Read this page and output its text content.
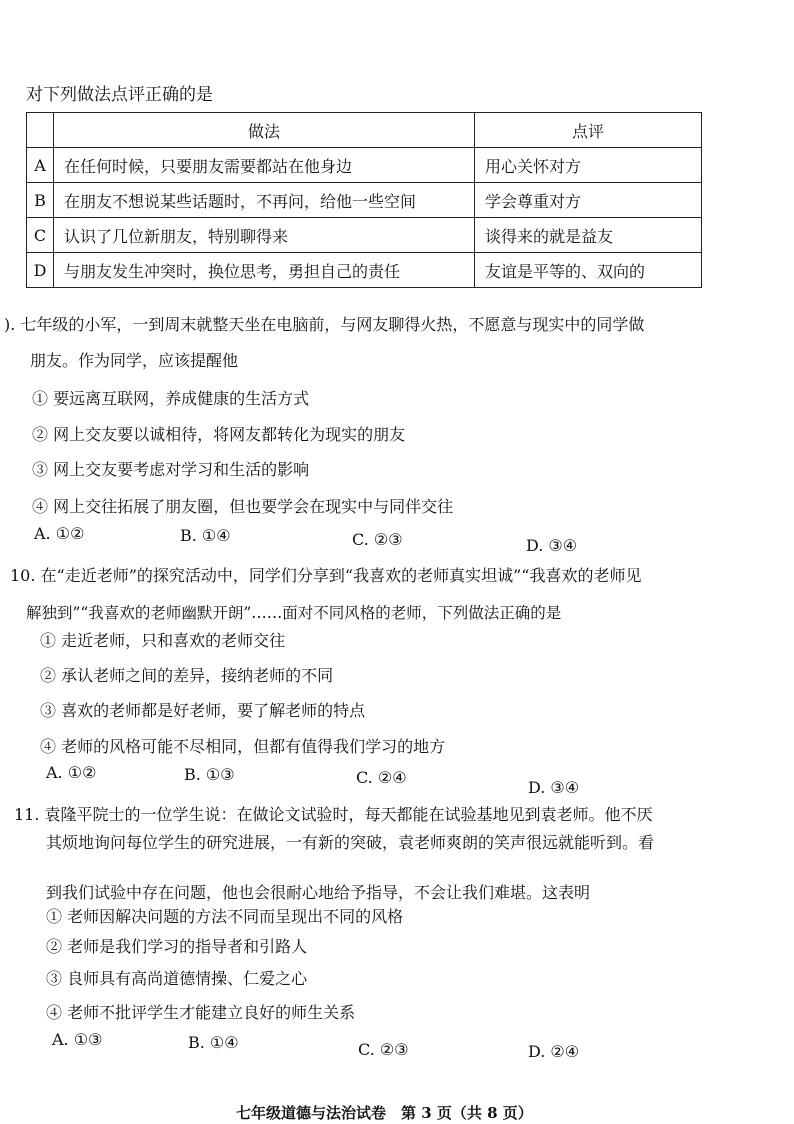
对下列做法点评正确的是
	做法	点评
A	在任何时候，只要朋友需要都站在他身边	用心关怀对方
B	在朋友不想说某些话题时，不再问，给他一些空间	学会尊重对方
C	认识了几位新朋友，特别聊得来	谈得来的就是益友
D	与朋友发生冲突时，换位思考，勇担自己的责任	友谊是平等的、双向的
). 七年级的小军，一到周末就整天坐在电脑前，与网友聊得火热，不愿意与现实中的同学做
朋友。作为同学，应该提醒他
① 要远离互联网，养成健康的生活方式
② 网上交友要以诚相待，将网友都转化为现实的朋友
③ 网上交友要考虑对学习和生活的影响
④ 网上交往拓展了朋友圈，但也要学会在现实中与同伴交往
A. ①②	B. ①④	C. ②③	D. ③④
10. 在“走近老师”的探究活动中，同学们分享到“我喜欢的老师真实坦诚”“我喜欢的老师见
解独到”“我喜欢的老师幽默开朗”……面对不同风格的老师，下列做法正确的是
① 走近老师，只和喜欢的老师交往
② 承认老师之间的差异，接纳老师的不同
③ 喜欢的老师都是好老师，要了解老师的特点
④ 老师的风格可能不尽相同，但都有值得我们学习的地方
A. ①②	B. ①③	C. ②④
D. ③④
11. 袁隆平院士的一位学生说：在做论文试验时，每天都能在试验基地见到袁老师。他不厌
其烦地询问每位学生的研究进展，一有新的突破，袁老师爽朗的笑声很远就能听到。看
到我们试验中存在问题，他也会很耐心地给予指导，不会让我们难堪。这表明
① 老师因解决问题的方法不同而呈现出不同的风格
② 老师是我们学习的指导者和引路人
③ 良师具有高尚道德情操、仁爱之心
④ 老师不批评学生才能建立良好的师生关系
A. ①③	B. ①④	C. ②③	D. ②④
七年级道德与法治试卷　第 3 页（共 8 页）
